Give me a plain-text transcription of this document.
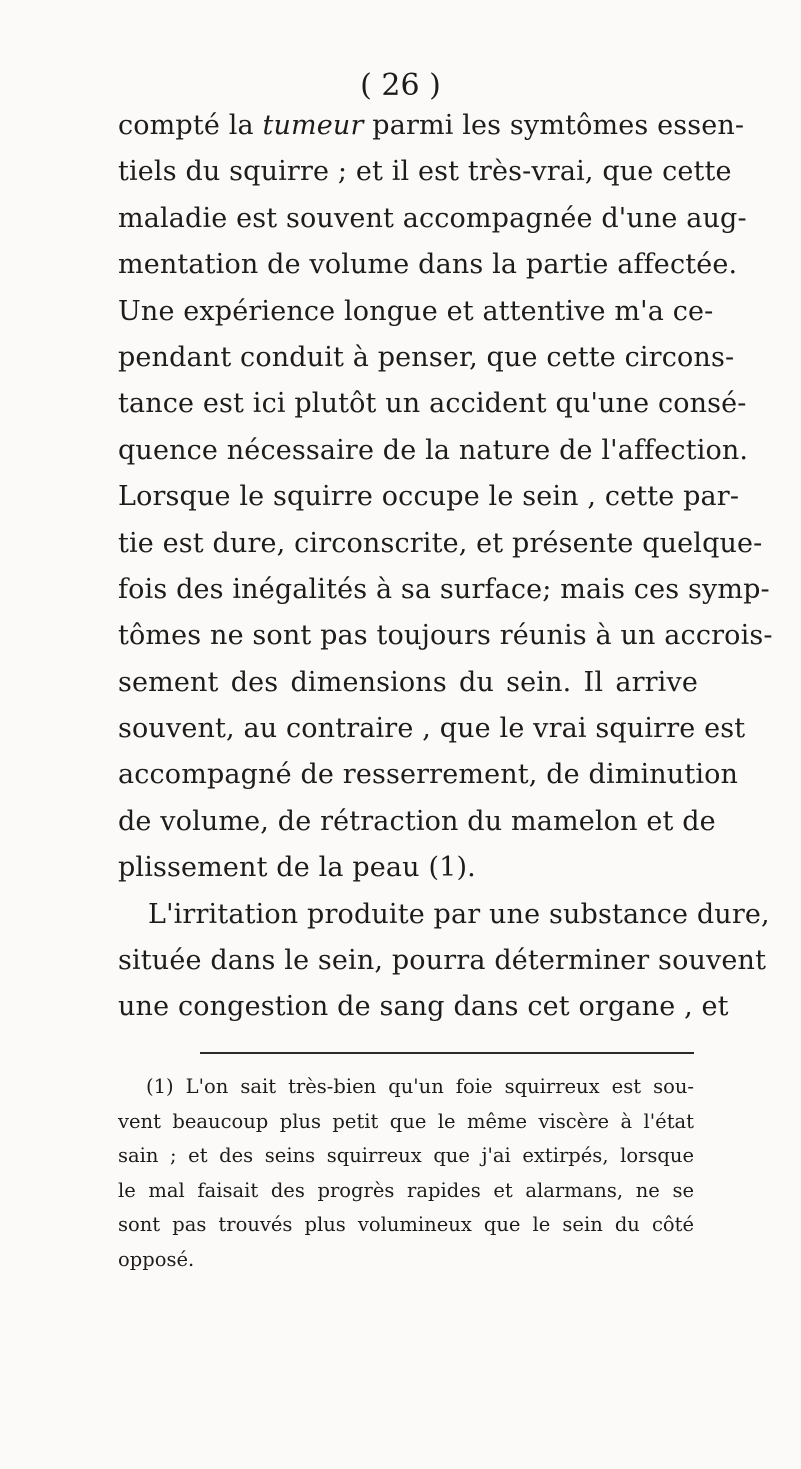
( 26 )
compté la tumeur parmi les symtômes essen-
tiels du squirre ; et il est très-vrai, que cette
maladie est souvent accompagnée d'une aug-
mentation de volume dans la partie affectée.
Une expérience longue et attentive m'a ce-
pendant conduit à penser, que cette circons-
tance est ici plutôt un accident qu'une consé-
quence nécessaire de la nature de l'affection.
Lorsque le squirre occupe le sein , cette par-
tie est dure, circonscrite, et présente quelque-
fois des inégalités à sa surface; mais ces symp-
tômes ne sont pas toujours réunis à un accrois-
sement des dimensions du sein. Il arrive
souvent, au contraire , que le vrai squirre est
accompagné de resserrement, de diminution
de volume, de rétraction du mamelon et de
plissement de la peau (1).
L'irritation produite par une substance dure,
située dans le sein, pourra déterminer souvent
une congestion de sang dans cet organe , et
(1) L'on sait très-bien qu'un foie squirreux est sou-
vent beaucoup plus petit que le même viscère à l'état
sain ; et des seins squirreux que j'ai extirpés, lorsque
le mal faisait des progrès rapides et alarmans, ne se
sont pas trouvés plus volumineux que le sein du côté
opposé.
